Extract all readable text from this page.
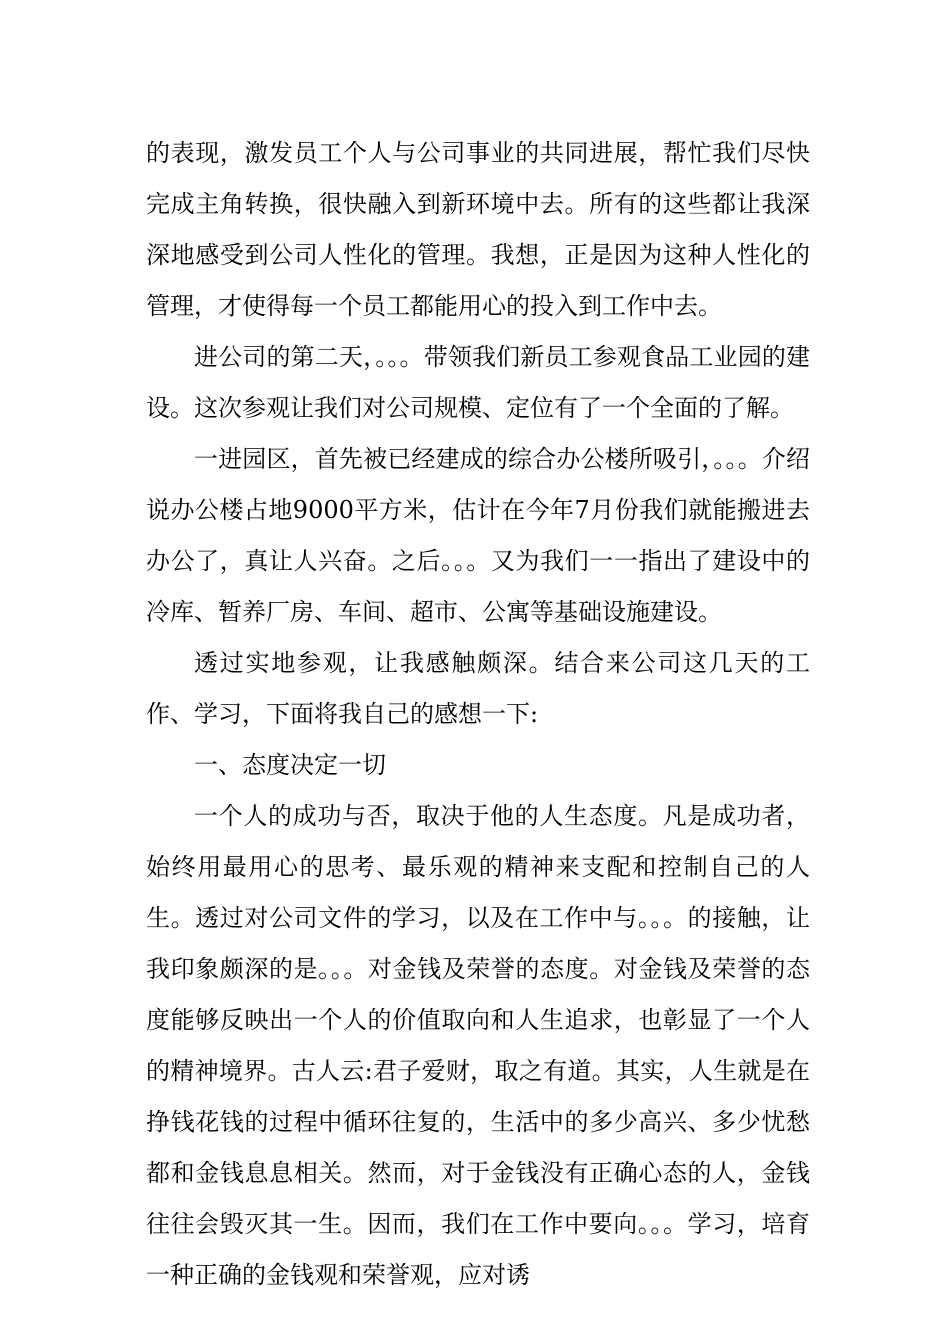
的表现，激发员工个人与公司事业的共同进展，帮忙我们尽快完成主角转换，很快融入到新环境中去。所有的这些都让我深深地感受到公司人性化的管理。我想，正是因为这种人性化的管理，才使得每一个员工都能用心的投入到工作中去。

进公司的第二天，。。。带领我们新员工参观食品工业园的建设。这次参观让我们对公司规模、定位有了一个全面的了解。

一进园区，首先被已经建成的综合办公楼所吸引，。。。介绍说办公楼占地9000平方米，估计在今年7月份我们就能搬进去办公了，真让人兴奋。之后。。。又为我们一一指出了建设中的冷库、暂养厂房、车间、超市、公寓等基础设施建设。

透过实地参观，让我感触颇深。结合来公司这几天的工作、学习，下面将我自己的感想一下:

一、态度决定一切

一个人的成功与否，取决于他的人生态度。凡是成功者，始终用最用心的思考、最乐观的精神来支配和控制自己的人生。透过对公司文件的学习，以及在工作中与。。。的接触，让我印象颇深的是。。。对金钱及荣誉的态度。对金钱及荣誉的态度能够反映出一个人的价值取向和人生追求，也彰显了一个人的精神境界。古人云:君子爱财，取之有道。其实，人生就是在挣钱花钱的过程中循环往复的，生活中的多少高兴、多少忧愁都和金钱息息相关。然而，对于金钱没有正确心态的人，金钱往往会毁灭其一生。因而，我们在工作中要向。。。学习，培育一种正确的金钱观和荣誉观，应对诱
